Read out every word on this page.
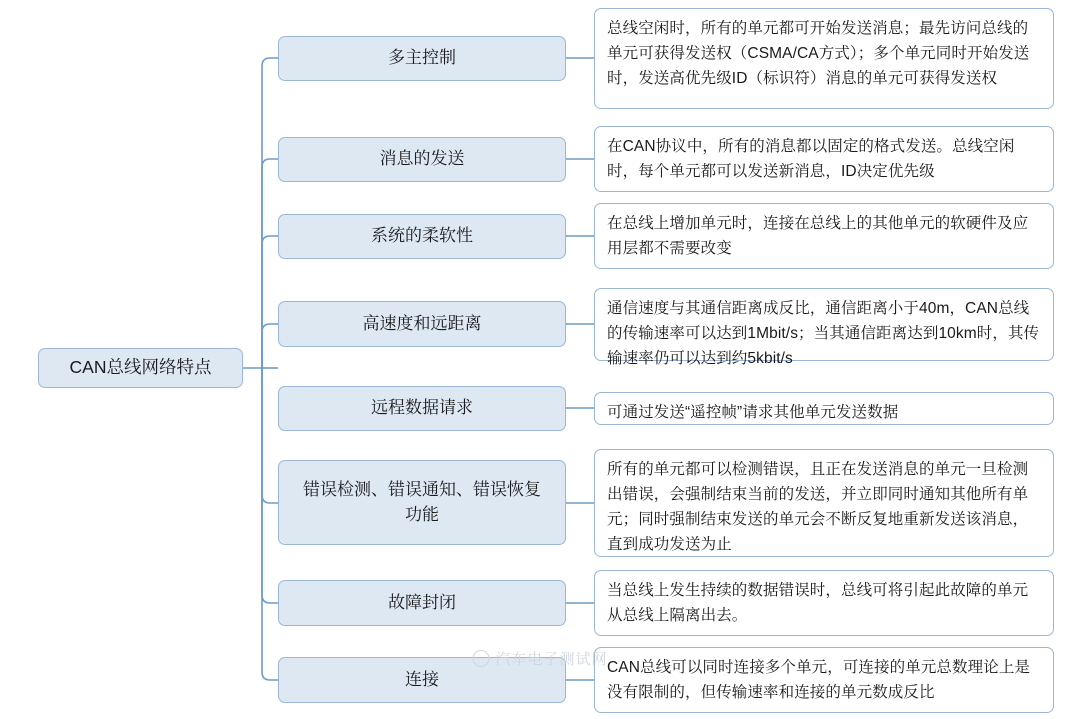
CAN总线网络特点
多主控制
消息的发送
系统的柔软性
高速度和远距离
远程数据请求
错误检测、错误通知、错误恢复功能
故障封闭
连接
总线空闲时，所有的单元都可开始发送消息；最先访问总线的单元可获得发送权（CSMA/CA方式）；多个单元同时开始发送时，发送高优先级ID（标识符）消息的单元可获得发送权
在CAN协议中，所有的消息都以固定的格式发送。总线空闲时，每个单元都可以发送新消息，ID决定优先级
在总线上增加单元时，连接在总线上的其他单元的软硬件及应用层都不需要改变
通信速度与其通信距离成反比，通信距离小于40m，CAN总线的传输速率可以达到1Mbit/s；当其通信距离达到10km时，其传输速率仍可以达到约5kbit/s
可通过发送“遥控帧”请求其他单元发送数据
所有的单元都可以检测错误，且正在发送消息的单元一旦检测出错误，会强制结束当前的发送，并立即同时通知其他所有单元；同时强制结束发送的单元会不断反复地重新发送该消息，直到成功发送为止
当总线上发生持续的数据错误时，总线可将引起此故障的单元从总线上隔离出去。
CAN总线可以同时连接多个单元，可连接的单元总数理论上是没有限制的，但传输速率和连接的单元数成反比
汽车电子测试网
